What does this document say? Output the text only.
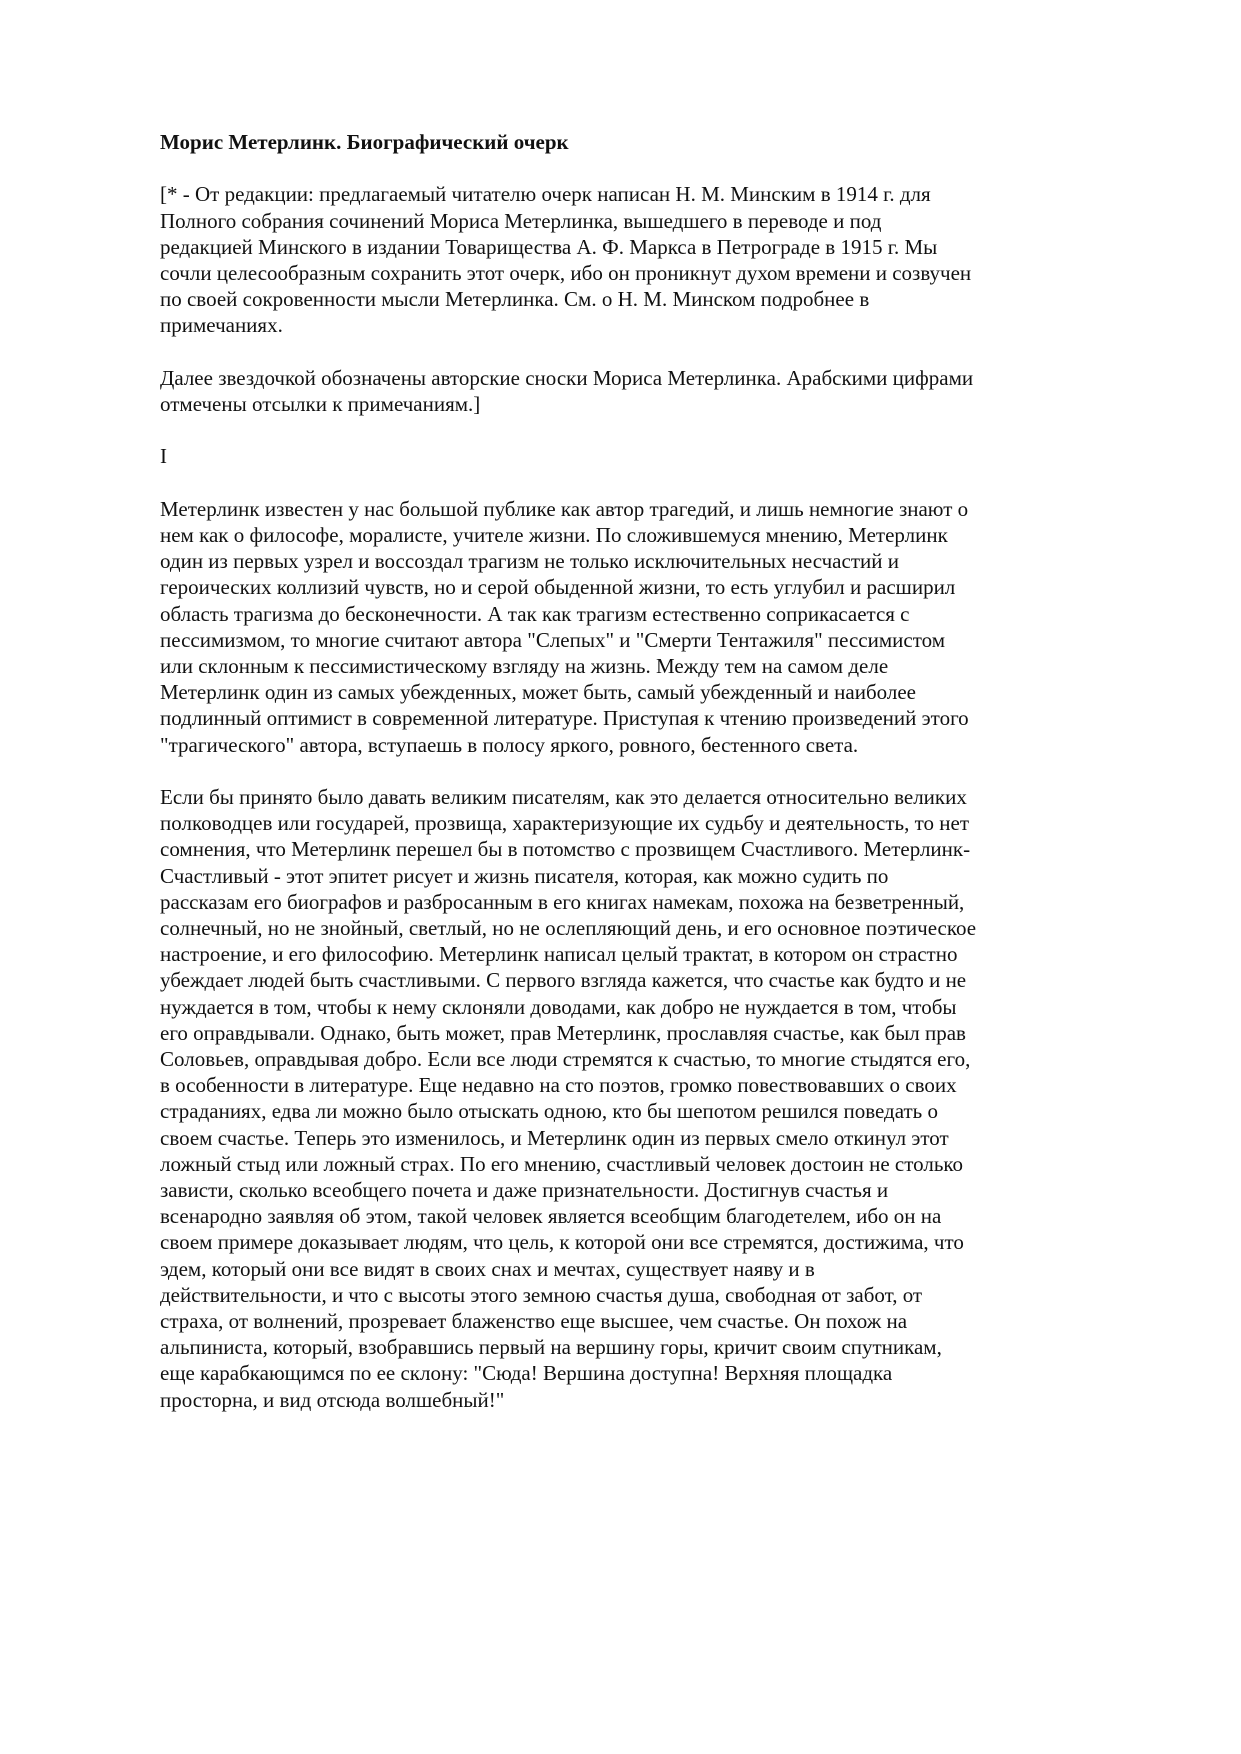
Морис Метерлинк. Биографический очерк
[* - От редакции: предлагаемый читателю очерк написан Н. М. Минским в 1914 г. для
Полного собрания сочинений Мориса Метерлинка, вышедшего в переводе и под
редакцией Минского в издании Товарищества А. Ф. Маркса в Петрограде в 1915 г. Мы
сочли целесообразным сохранить этот очерк, ибо он проникнут духом времени и созвучен
по своей сокровенности мысли Метерлинка. См. о Н. М. Минском подробнее в
примечаниях.
Далее звездочкой обозначены авторские сноски Мориса Метерлинка. Арабскими цифрами
отмечены отсылки к примечаниям.]
I
Метерлинк известен у нас большой публике как автор трагедий, и лишь немногие знают о
нем как о философе, моралисте, учителе жизни. По сложившемуся мнению, Метерлинк
один из первых узрел и воссоздал трагизм не только исключительных несчастий и
героических коллизий чувств, но и серой обыденной жизни, то есть углубил и расширил
область трагизма до бесконечности. А так как трагизм естественно соприкасается с
пессимизмом, то многие считают автора "Слепых" и "Смерти Тентажиля" пессимистом
или склонным к пессимистическому взгляду на жизнь. Между тем на самом деле
Метерлинк один из самых убежденных, может быть, самый убежденный и наиболее
подлинный оптимист в современной литературе. Приступая к чтению произведений этого
"трагического" автора, вступаешь в полосу яркого, ровного, бестенного света.
Если бы принято было давать великим писателям, как это делается относительно великих
полководцев или государей, прозвища, характеризующие их судьбу и деятельность, то нет
сомнения, что Метерлинк перешел бы в потомство с прозвищем Счастливого. Метерлинк-
Счастливый - этот эпитет рисует и жизнь писателя, которая, как можно судить по
рассказам его биографов и разбросанным в его книгах намекам, похожа на безветренный,
солнечный, но не знойный, светлый, но не ослепляющий день, и его основное поэтическое
настроение, и его философию. Метерлинк написал целый трактат, в котором он страстно
убеждает людей быть счастливыми. С первого взгляда кажется, что счастье как будто и не
нуждается в том, чтобы к нему склоняли доводами, как добро не нуждается в том, чтобы
его оправдывали. Однако, быть может, прав Метерлинк, прославляя счастье, как был прав
Соловьев, оправдывая добро. Если все люди стремятся к счастью, то многие стыдятся его,
в особенности в литературе. Еще недавно на сто поэтов, громко повествовавших о своих
страданиях, едва ли можно было отыскать одною, кто бы шепотом решился поведать о
своем счастье. Теперь это изменилось, и Метерлинк один из первых смело откинул этот
ложный стыд или ложный страх. По его мнению, счастливый человек достоин не столько
зависти, сколько всеобщего почета и даже признательности. Достигнув счастья и
всенародно заявляя об этом, такой человек является всеобщим благодетелем, ибо он на
своем примере доказывает людям, что цель, к которой они все стремятся, достижима, что
эдем, который они все видят в своих снах и мечтах, существует наяву и в
действительности, и что с высоты этого земною счастья душа, свободная от забот, от
страха, от волнений, прозревает блаженство еще высшее, чем счастье. Он похож на
альпиниста, который, взобравшись первый на вершину горы, кричит своим спутникам,
еще карабкающимся по ее склону: "Сюда! Вершина доступна! Верхняя площадка
просторна, и вид отсюда волшебный!"
